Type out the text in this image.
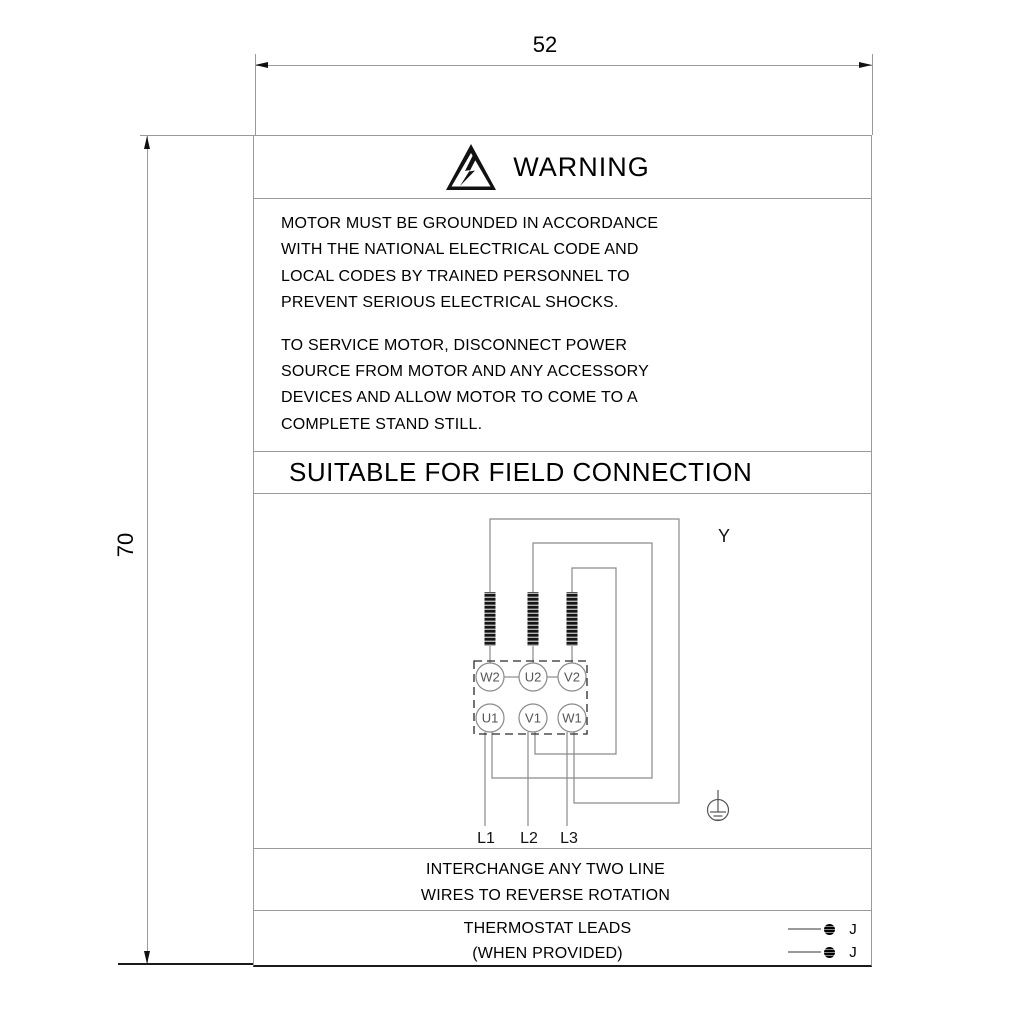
52
70
WARNING
MOTOR MUST BE GROUNDED IN ACCORDANCE
WITH THE NATIONAL ELECTRICAL CODE AND
LOCAL CODES BY TRAINED PERSONNEL TO
PREVENT SERIOUS ELECTRICAL SHOCKS.
TO SERVICE MOTOR, DISCONNECT POWER
SOURCE FROM MOTOR AND ANY ACCESSORY
DEVICES AND ALLOW MOTOR TO COME TO A
COMPLETE STAND STILL.
SUITABLE FOR FIELD CONNECTION
W2 U2 V2
U1 V1 W1
L1 L2 L3
Y
INTERCHANGE ANY TWO LINE
WIRES TO REVERSE ROTATION
THERMOSTAT LEADS
(WHEN PROVIDED)
J
J
